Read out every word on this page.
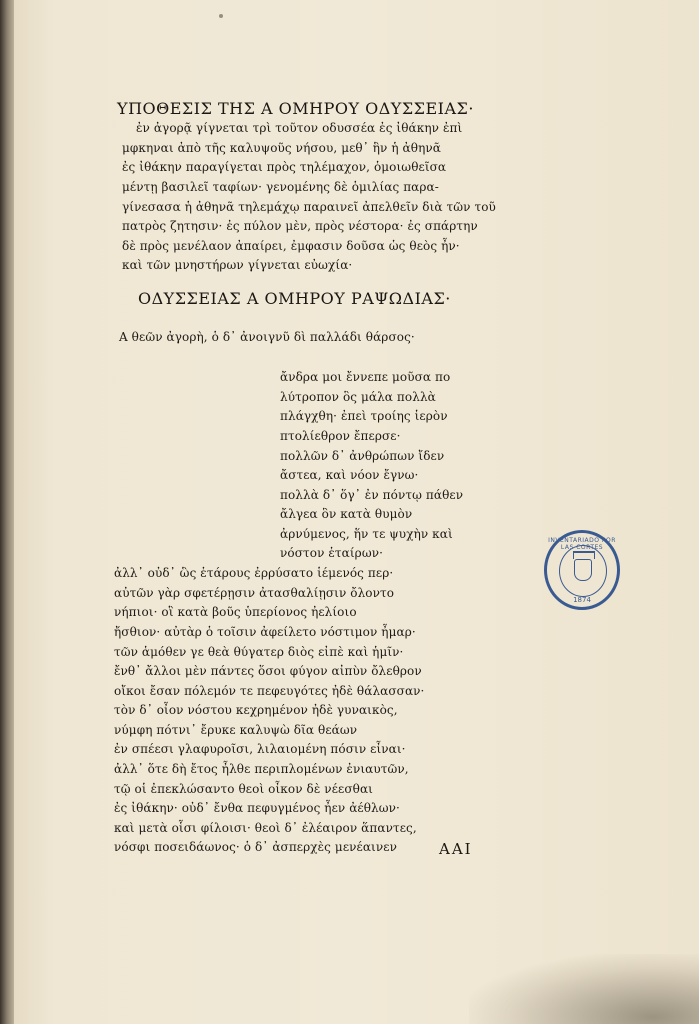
ΥΠΟΘΕΣΙΣ ΤΗΣ Α ΟΜΗΡΟΥ ΟΔΥΣΣΕΙΑΣ·
ἐν ἀγορᾷ γίγνεται τρὶ τοῦτον οδυσσέα ἐς ἰθάκην ἐπὶ
μφκηναι ἀπὸ τῆς καλυψοῦς νήσου, μεθ᾽ ἣν ἡ ἀθηνᾶ
ἐς ἰθάκην παραγίγεται πρὸς τηλέμαχον, ὁμοιωθεῖσα
μέντῃ βασιλεῖ ταφίων· γενομένης δὲ ὁμιλίας παρα-
γίνεσασα ἡ ἀθηνᾶ τηλεμάχῳ παραινεῖ ἀπελθεῖν διὰ τῶν τοῦ
πατρὸς ζητησιν· ἐς πύλον μὲν, πρὸς νέστορα· ἐς σπάρτην
δὲ πρὸς μενέλαον ἀπαίρει, ἐμφασιν δοῦσα ὡς θεὸς ἦν·
καὶ τῶν μνηστήρων γίγνεται εὐωχία·
ΟΔΥΣΣΕΙΑΣ Α ΟΜΗΡΟΥ ΡΑΨΩΔΙΑΣ·
Α θεῶν ἀγορὴ, ὁ δ᾽ ἀνοιγνῦ δὶ παλλάδι θάρσος·
ἄνδρα μοι ἔννεπε μοῦσα πο
λύτροπον ὃς μάλα πολλὰ
πλάγχθη· ἐπεὶ τροίης ἱερὸν
πτολίεθρον ἔπερσε·
πολλῶν δ᾽ ἀνθρώπων ἴδεν
ἄστεα, καὶ νόον ἔγνω·
πολλὰ δ᾽ ὅγ᾽ ἐν πόντῳ πάθεν
ἄλγεα ὃν κατὰ θυμὸν
ἀρνύμενος, ἥν τε ψυχὴν καὶ
νόστον ἑταίρων·
ἀλλ᾽ οὐδ᾽ ὣς ἑτάρους ἐρρύσατο ἱέμενός περ·
αὐτῶν γὰρ σφετέρῃσιν ἀτασθαλίῃσιν ὄλοντο
νήπιοι· οἳ κατὰ βοῦς ὑπερίονος ἠελίοιο
ἤσθιον· αὐτὰρ ὁ τοῖσιν ἀφείλετο νόστιμον ἦμαρ·
τῶν ἁμόθεν γε θεὰ θύγατερ διὸς εἰπὲ καὶ ἡμῖν·
ἔνθ᾽ ἄλλοι μὲν πάντες ὅσοι φύγον αἰπὺν ὄλεθρον
οἴκοι ἔσαν πόλεμόν τε πεφευγότες ἠδὲ θάλασσαν·
τὸν δ᾽ οἶον νόστου κεχρημένον ἠδὲ γυναικὸς,
νύμφη πότνι᾽ ἔρυκε καλυψὼ δῖα θεάων
ἐν σπέεσι γλαφυροῖσι, λιλαιομένη πόσιν εἶναι·
ἀλλ᾽ ὅτε δὴ ἔτος ἦλθε περιπλομένων ἐνιαυτῶν,
τῷ οἱ ἐπεκλώσαντο θεοὶ οἶκον δὲ νέεσθαι
ἐς ἰθάκην· οὐδ᾽ ἔνθα πεφυγμένος ἦεν ἀέθλων·
καὶ μετὰ οἷσι φίλοισι· θεοὶ δ᾽ ἐλέαιρον ἅπαντες,
νόσφι ποσειδάωνος· ὁ δ᾽ ἀσπερχὲς μενέαινεν	ΑΑΙ
INVENTARIADO POR LAS CORTES
1874
